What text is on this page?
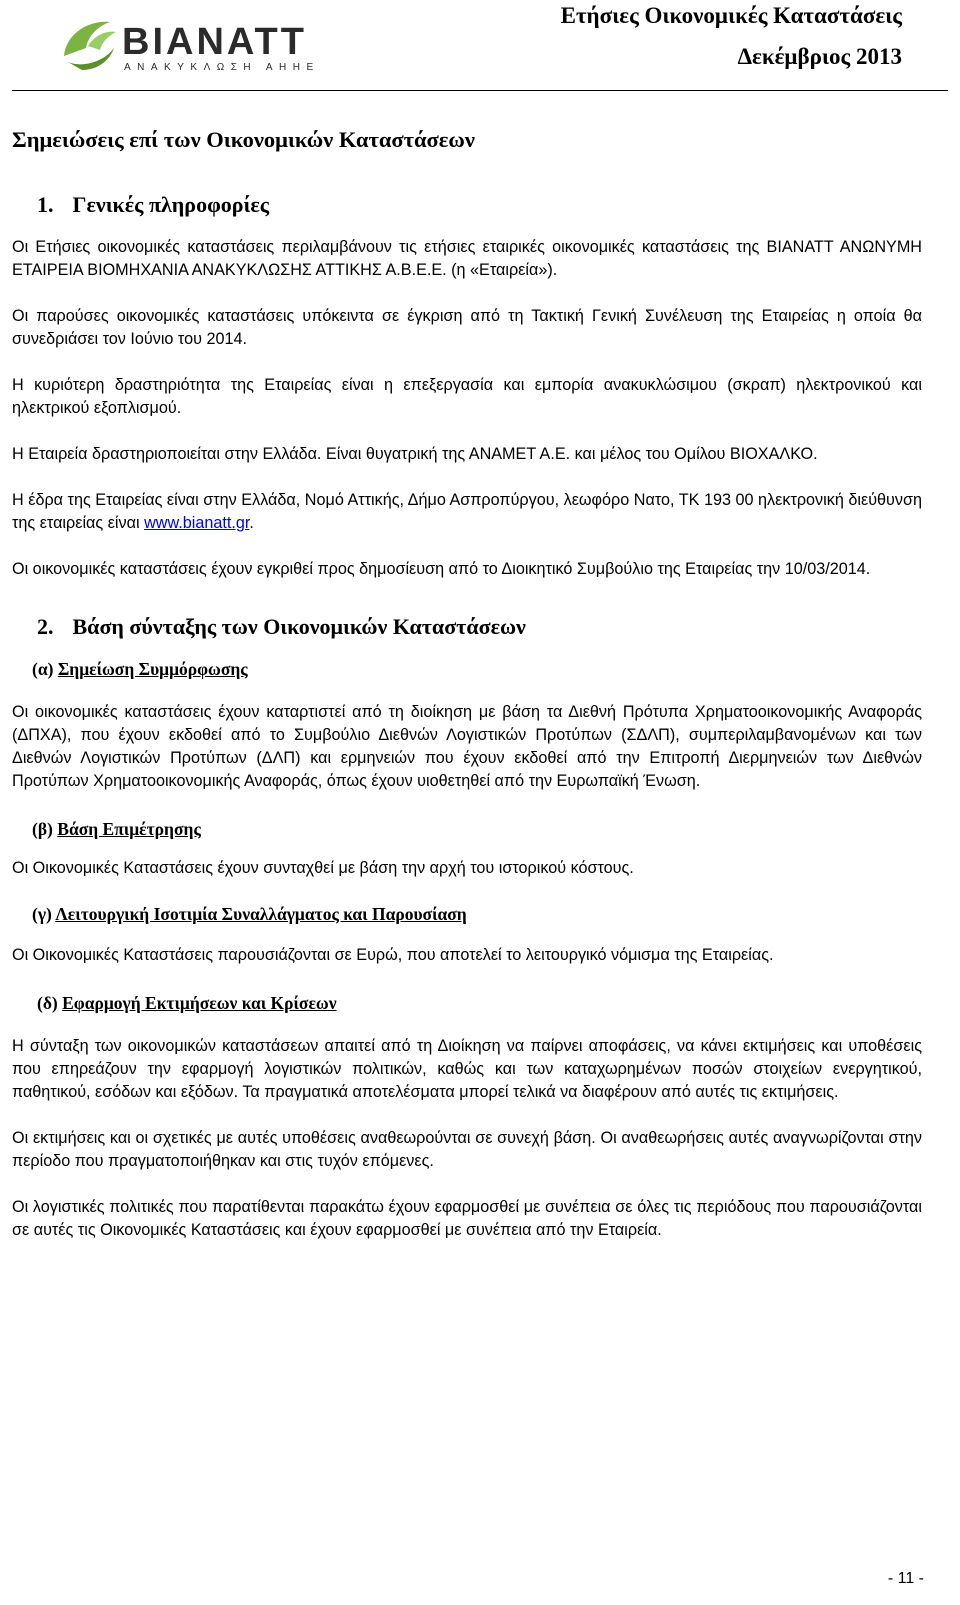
BIANATT
ΑΝΑΚΥΚΛΩΣΗ ΑΗΗΕ
Ετήσιες Οικονομικές Καταστάσεις
Δεκέμβριος 2013
Σημειώσεις επί των Οικονομικών Καταστάσεων
1. Γενικές πληροφορίες

Οι Ετήσιες οικονομικές καταστάσεις περιλαμβάνουν τις ετήσιες εταιρικές οικονομικές καταστάσεις της ΒΙΑΝΑΤΤ ΑΝΩΝΥΜΗ ΕΤΑΙΡΕΙΑ ΒΙΟΜΗΧΑΝΙΑ ΑΝΑΚΥΚΛΩΣΗΣ ΑΤΤΙΚΗΣ Α.Β.Ε.Ε. (η «Εταιρεία»).

Οι παρούσες οικονομικές καταστάσεις υπόκειντα σε έγκριση από τη Τακτική Γενική Συνέλευση της Εταιρείας η οποία θα συνεδριάσει τον Ιούνιο του 2014.

Η κυριότερη δραστηριότητα της Εταιρείας είναι η επεξεργασία και εμπορία ανακυκλώσιμου (σκραπ) ηλεκτρονικού και ηλεκτρικού εξοπλισμού.

Η Εταιρεία δραστηριοποιείται στην Ελλάδα. Είναι θυγατρική της ΑΝΑΜΕΤ Α.Ε. και μέλος του Ομίλου ΒΙΟΧΑΛΚΟ.

Η έδρα της Εταιρείας είναι στην Ελλάδα, Νομό Αττικής, Δήμο Ασπροπύργου, λεωφόρο Νατο, ΤΚ 193 00 ηλεκτρονική διεύθυνση της εταιρείας είναι www.bianatt.gr.

Οι οικονομικές καταστάσεις έχουν εγκριθεί προς δημοσίευση από το Διοικητικό Συμβούλιο της Εταιρείας την 10/03/2014.

2. Βάση σύνταξης των Οικονομικών Καταστάσεων
(α) Σημείωση Συμμόρφωσης

Οι οικονομικές καταστάσεις έχουν καταρτιστεί από τη διοίκηση με βάση τα Διεθνή Πρότυπα Χρηματοοικονομικής Αναφοράς (ΔΠΧΑ), που έχουν εκδοθεί από το Συμβούλιο Διεθνών Λογιστικών Προτύπων (ΣΔΛΠ), συμπεριλαμβανομένων και των Διεθνών Λογιστικών Προτύπων (ΔΛΠ) και ερμηνειών που έχουν εκδοθεί από την Επιτροπή Διερμηνειών των Διεθνών Προτύπων Χρηματοοικονομικής Αναφοράς, όπως έχουν υιοθετηθεί από την Ευρωπαϊκή Ένωση.

(β) Βάση Επιμέτρησης

Οι Οικονομικές Καταστάσεις έχουν συνταχθεί με βάση την αρχή του ιστορικού κόστους.

(γ) Λειτουργική Ισοτιμία Συναλλάγματος και Παρουσίαση

Οι Οικονομικές Καταστάσεις παρουσιάζονται σε Ευρώ, που αποτελεί το λειτουργικό νόμισμα της Εταιρείας.

(δ) Εφαρμογή Εκτιμήσεων και Κρίσεων

Η σύνταξη των οικονομικών καταστάσεων απαιτεί από τη Διοίκηση να παίρνει αποφάσεις, να κάνει εκτιμήσεις και υποθέσεις που επηρεάζουν την εφαρμογή λογιστικών πολιτικών, καθώς και των καταχωρημένων ποσών στοιχείων ενεργητικού, παθητικού, εσόδων και εξόδων. Τα πραγματικά αποτελέσματα μπορεί τελικά να διαφέρουν από αυτές τις εκτιμήσεις.

Οι εκτιμήσεις και οι σχετικές με αυτές υποθέσεις αναθεωρούνται σε συνεχή βάση. Οι αναθεωρήσεις αυτές αναγνωρίζονται στην περίοδο που πραγματοποιήθηκαν και στις τυχόν επόμενες.

Οι λογιστικές πολιτικές που παρατίθενται παρακάτω έχουν εφαρμοσθεί με συνέπεια σε όλες τις περιόδους που παρουσιάζονται σε αυτές τις Οικονομικές Καταστάσεις και έχουν εφαρμοσθεί με συνέπεια από την Εταιρεία.

- 11 -
